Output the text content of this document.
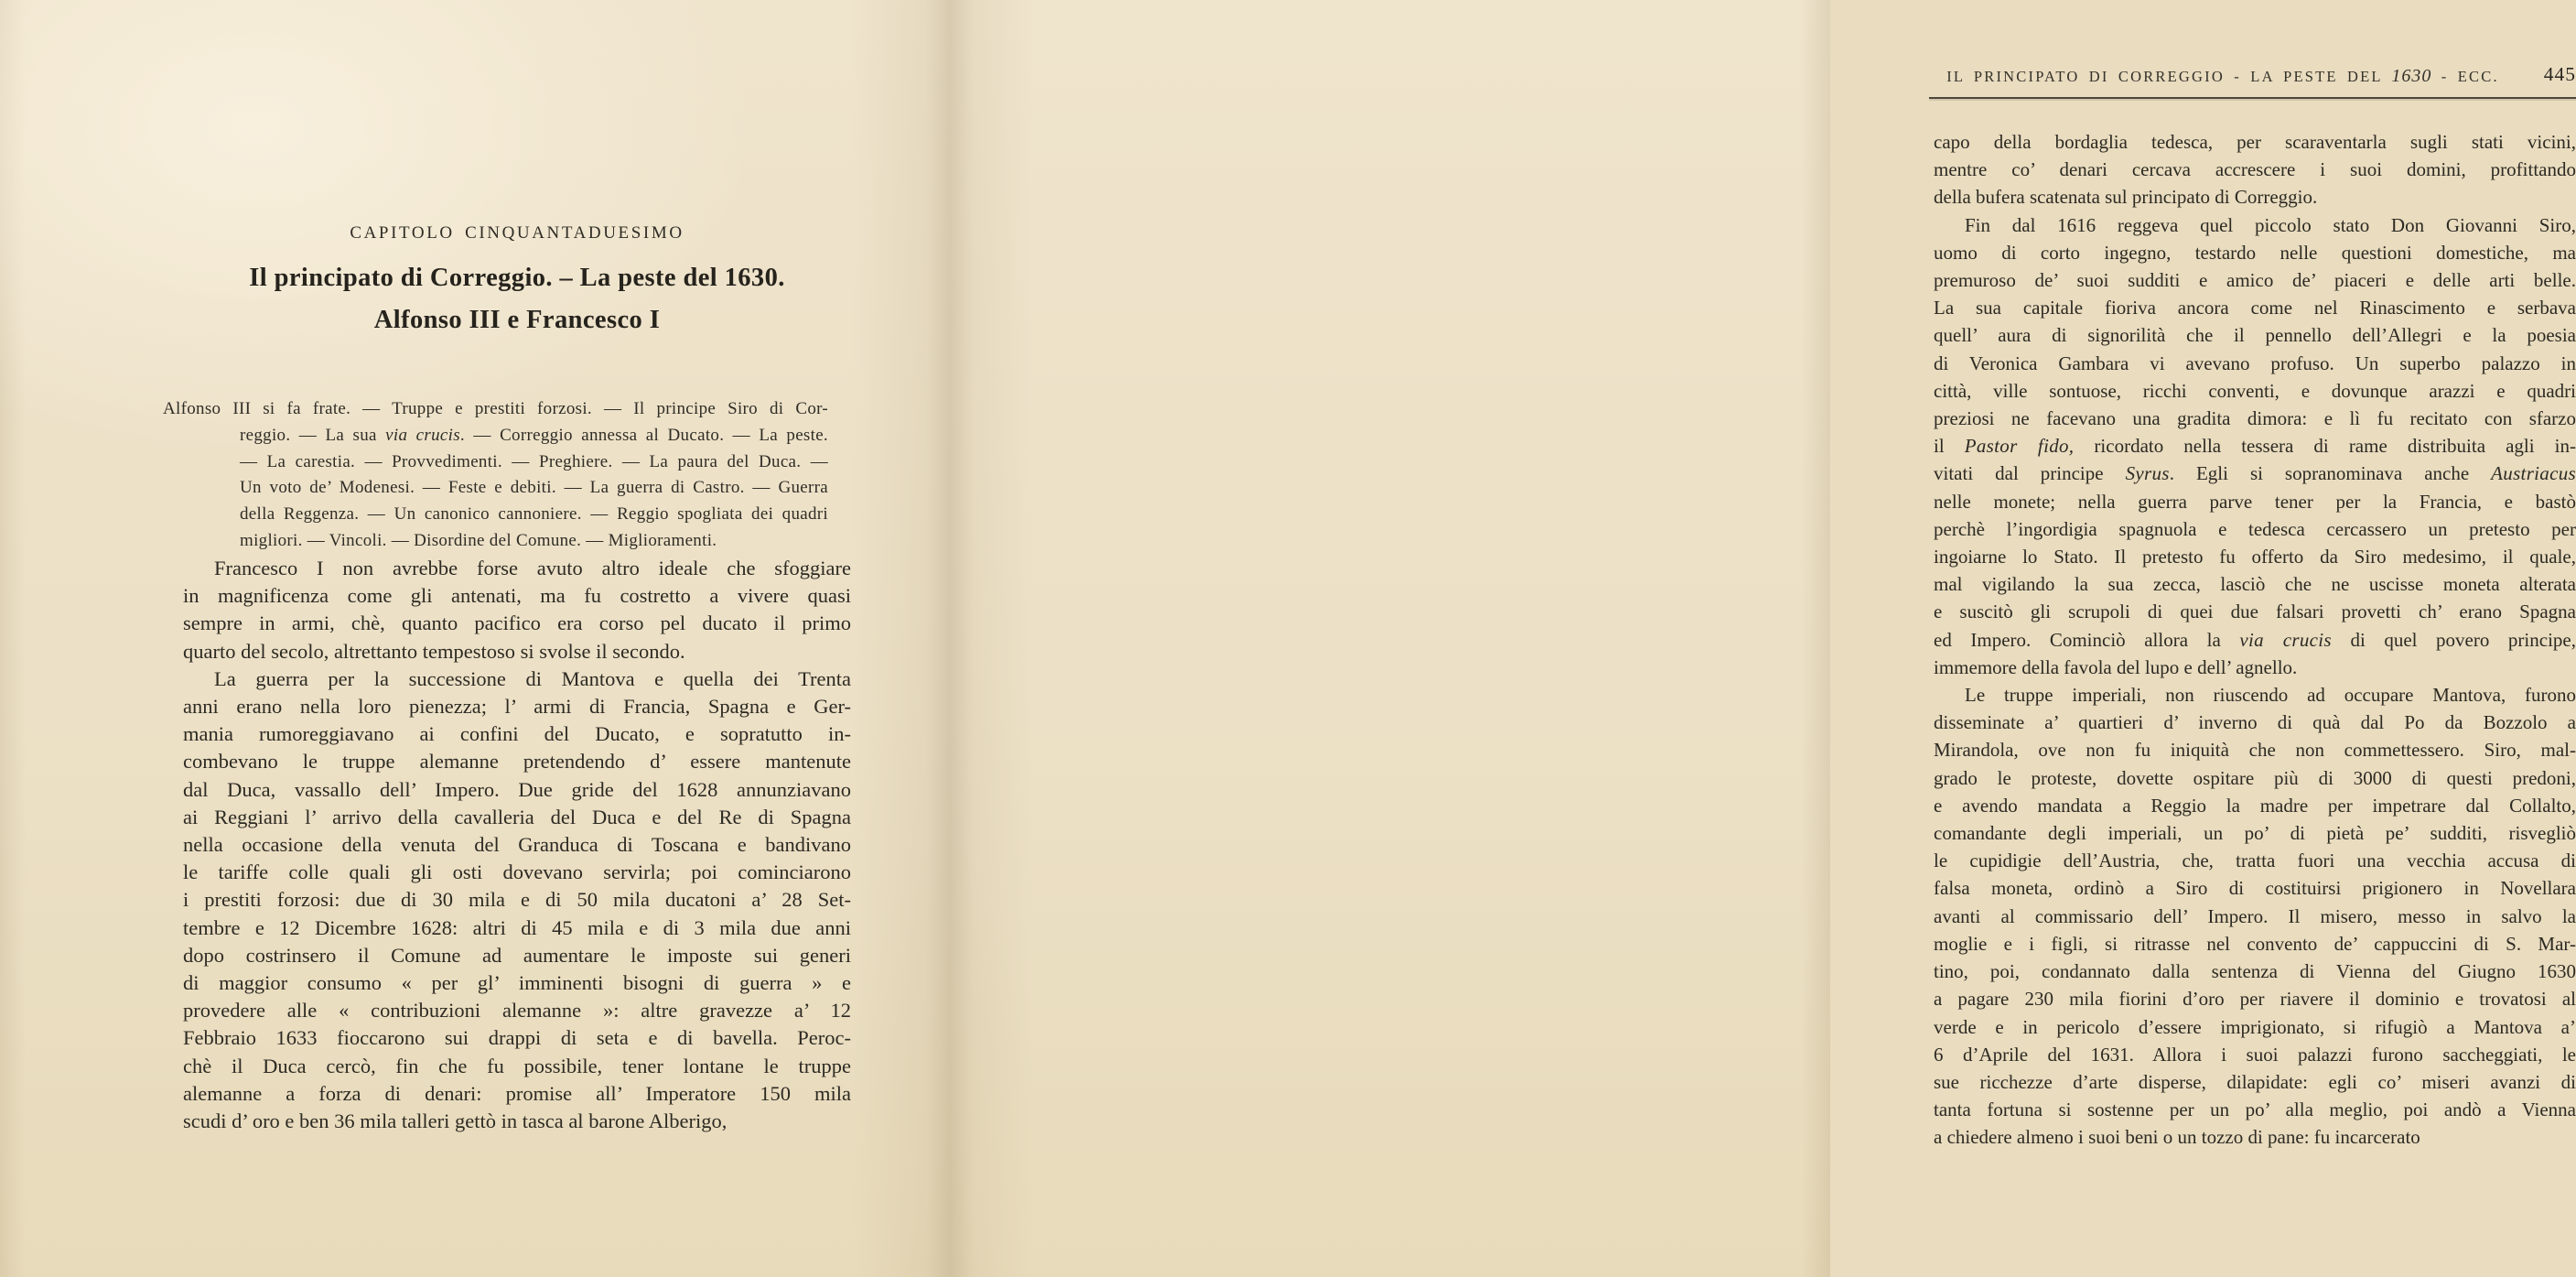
CAPITOLO CINQUANTADUESIMO
Il principato di Correggio. – La peste del 1630.
Alfonso III e Francesco I
Alfonso III si fa frate. — Truppe e prestiti forzosi. — Il principe Siro di Cor-
reggio. — La sua via crucis. — Correggio annessa al Ducato. — La peste.
— La carestia. — Provvedimenti. — Preghiere. — La paura del Duca. —
Un voto de’ Modenesi. — Feste e debiti. — La guerra di Castro. — Guerra
della Reggenza. — Un canonico cannoniere. — Reggio spogliata dei quadri
migliori. — Vincoli. — Disordine del Comune. — Miglioramenti.
Francesco I non avrebbe forse avuto altro ideale che sfoggiare
in magnificenza come gli antenati, ma fu costretto a vivere quasi
sempre in armi, chè, quanto pacifico era corso pel ducato il primo
quarto del secolo, altrettanto tempestoso si svolse il secondo.
La guerra per la successione di Mantova e quella dei Trenta
anni erano nella loro pienezza; l’ armi di Francia, Spagna e Ger-
mania rumoreggiavano ai confini del Ducato, e sopratutto in-
combevano le truppe alemanne pretendendo d’ essere mantenute
dal Duca, vassallo dell’ Impero. Due gride del 1628 annunziavano
ai Reggiani l’ arrivo della cavalleria del Duca e del Re di Spagna
nella occasione della venuta del Granduca di Toscana e bandivano
le tariffe colle quali gli osti dovevano servirla; poi cominciarono
i prestiti forzosi: due di 30 mila e di 50 mila ducatoni a’ 28 Set-
tembre e 12 Dicembre 1628: altri di 45 mila e di 3 mila due anni
dopo costrinsero il Comune ad aumentare le imposte sui generi
di maggior consumo « per gl’ imminenti bisogni di guerra » e
provedere alle « contribuzioni alemanne »: altre gravezze a’ 12
Febbraio 1633 fioccarono sui drappi di seta e di bavella. Peroc-
chè il Duca cercò, fin che fu possibile, tener lontane le truppe
alemanne a forza di denari: promise all’ Imperatore 150 mila
scudi d’ oro e ben 36 mila talleri gettò in tasca al barone Alberigo,
IL PRINCIPATO DI CORREGGIO - LA PESTE DEL 1630 - ECC.	445
capo della bordaglia tedesca, per scaraventarla sugli stati vicini,
mentre co’ denari cercava accrescere i suoi domini, profittando
della bufera scatenata sul principato di Correggio.
Fin dal 1616 reggeva quel piccolo stato Don Giovanni Siro,
uomo di corto ingegno, testardo nelle questioni domestiche, ma
premuroso de’ suoi sudditi e amico de’ piaceri e delle arti belle.
La sua capitale fioriva ancora come nel Rinascimento e serbava
quell’ aura di signorilità che il pennello dell’Allegri e la poesia
di Veronica Gambara vi avevano profuso. Un superbo palazzo in
città, ville sontuose, ricchi conventi, e dovunque arazzi e quadri
preziosi ne facevano una gradita dimora: e lì fu recitato con sfarzo
il Pastor fido, ricordato nella tessera di rame distribuita agli in-
vitati dal principe Syrus. Egli si sopranominava anche Austriacus
nelle monete; nella guerra parve tener per la Francia, e bastò
perchè l’ingordigia spagnuola e tedesca cercassero un pretesto per
ingoiarne lo Stato. Il pretesto fu offerto da Siro medesimo, il quale,
mal vigilando la sua zecca, lasciò che ne uscisse moneta alterata
e suscitò gli scrupoli di quei due falsari provetti ch’ erano Spagna
ed Impero. Cominciò allora la via crucis di quel povero principe,
immemore della favola del lupo e dell’ agnello.
Le truppe imperiali, non riuscendo ad occupare Mantova, furono
disseminate a’ quartieri d’ inverno di quà dal Po da Bozzolo a
Mirandola, ove non fu iniquità che non commettessero. Siro, mal-
grado le proteste, dovette ospitare più di 3000 di questi predoni,
e avendo mandata a Reggio la madre per impetrare dal Collalto,
comandante degli imperiali, un po’ di pietà pe’ sudditi, risvegliò
le cupidigie dell’Austria, che, tratta fuori una vecchia accusa di
falsa moneta, ordinò a Siro di costituirsi prigionero in Novellara
avanti al commissario dell’ Impero. Il misero, messo in salvo la
moglie e i figli, si ritrasse nel convento de’ cappuccini di S. Mar-
tino, poi, condannato dalla sentenza di Vienna del Giugno 1630
a pagare 230 mila fiorini d’oro per riavere il dominio e trovatosi al
verde e in pericolo d’essere imprigionato, si rifugiò a Mantova a’
6 d’Aprile del 1631. Allora i suoi palazzi furono saccheggiati, le
sue ricchezze d’arte disperse, dilapidate: egli co’ miseri avanzi di
tanta fortuna si sostenne per un po’ alla meglio, poi andò a Vienna
a chiedere almeno i suoi beni o un tozzo di pane: fu incarcerato
